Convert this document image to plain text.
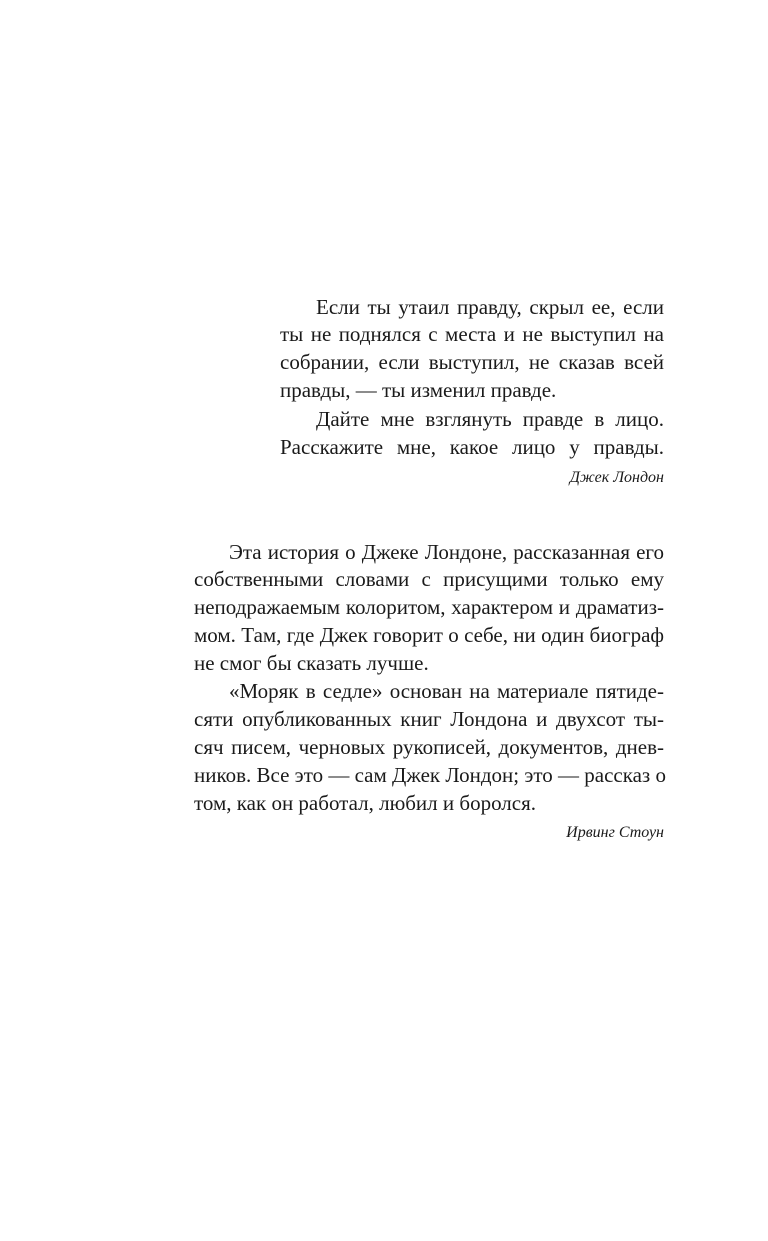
Если ты утаил правду, скрыл ее, если
ты не поднялся с места и не выступил на
собрании, если выступил, не сказав всей
правды, — ты изменил правде.
Дайте мне взглянуть правде в лицо.
Расскажите мне, какое лицо у правды.
Джек Лондон
Эта история о Джеке Лондоне, рассказанная его
собственными словами с присущими только ему
неподражаемым колоритом, характером и драматиз-
мом. Там, где Джек говорит о себе, ни один биограф
не смог бы сказать лучше.
«Моряк в седле» основан на материале пятиде-
сяти опубликованных книг Лондона и двухсот ты-
сяч писем, черновых рукописей, документов, днев-
ников. Все это — сам Джек Лондон; это — рассказ о
том, как он работал, любил и боролся.
Ирвинг Стоун
